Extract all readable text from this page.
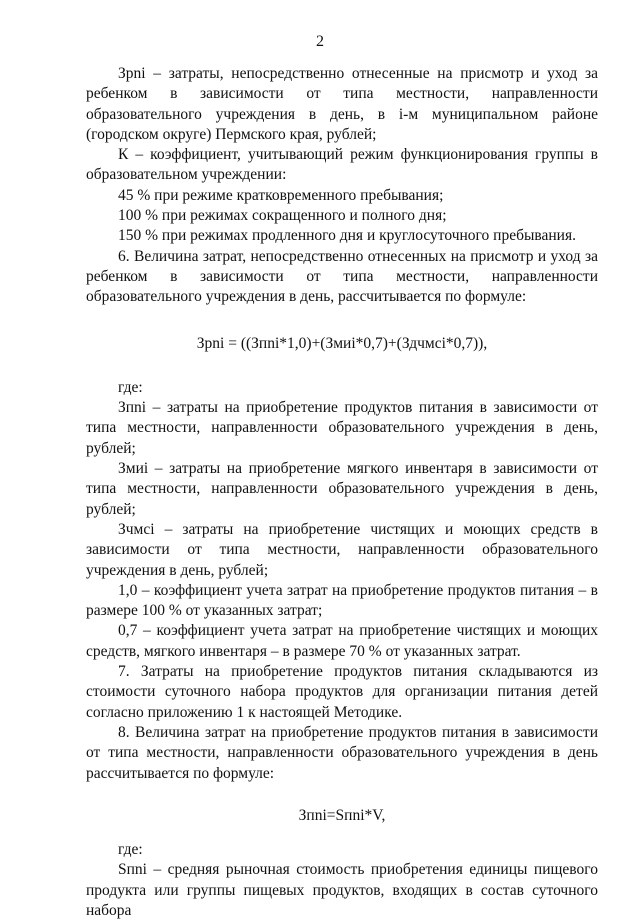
2

Зpni – затраты, непосредственно отнесенные на присмотр и уход за ребенком в зависимости от типа местности, направленности образовательного учреждения в день, в i-м муниципальном районе (городском округе) Пермского края, рублей;

К – коэффициент, учитывающий режим функционирования группы в образовательном учреждении:

45 % при режиме кратковременного пребывания;

100 % при режимах сокращенного и полного дня;

150 % при режимах продленного дня и круглосуточного пребывания.

6. Величина затрат, непосредственно отнесенных на присмотр и уход за ребенком в зависимости от типа местности, направленности образовательного учреждения в день, рассчитывается по формуле:

Зpni = ((Зпni*1,0)+(Змиi*0,7)+(Здчмсi*0,7)),

где:

Зпni – затраты на приобретение продуктов питания в зависимости от типа местности, направленности образовательного учреждения в день, рублей;

Змиi – затраты на приобретение мягкого инвентаря в зависимости от типа местности, направленности образовательного учреждения в день, рублей;

Зчмсi – затраты на приобретение чистящих и моющих средств в зависимости от типа местности, направленности образовательного учреждения в день, рублей;

1,0 – коэффициент учета затрат на приобретение продуктов питания – в размере 100 % от указанных затрат;

0,7 – коэффициент учета затрат на приобретение чистящих и моющих средств, мягкого инвентаря – в размере 70 % от указанных затрат.

7. Затраты на приобретение продуктов питания складываются из стоимости суточного набора продуктов для организации питания детей согласно приложению 1 к настоящей Методике.

8. Величина затрат на приобретение продуктов питания в зависимости от типа местности, направленности образовательного учреждения в день рассчитывается по формуле:

Зпni=Sпni*V,

где:

Sпni – средняя рыночная стоимость приобретения единицы пищевого продукта или группы пищевых продуктов, входящих в состав суточного набора
